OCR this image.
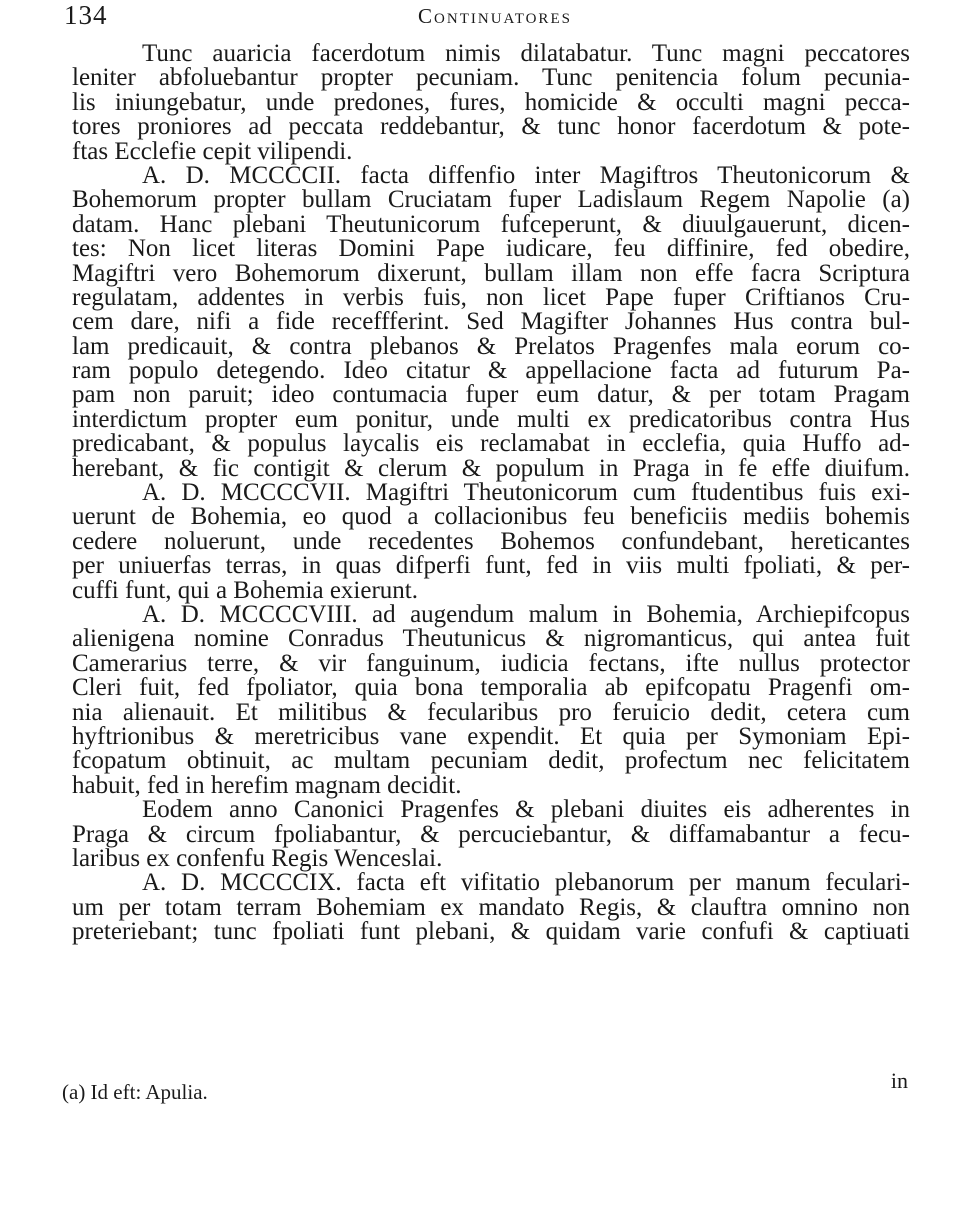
134	Continuatores
Tunc auaricia facerdotum nimis dilatabatur. Tunc magni peccatores
leniter abfoluebantur propter pecuniam. Tunc penitencia folum pecunia-
lis iniungebatur, unde predones, fures, homicide & occulti magni pecca-
tores proniores ad peccata reddebantur, & tunc honor facerdotum & pote-
ftas Ecclefie cepit vilipendi.
A. D. MCCCCII. facta diffenfio inter Magiftros Theutonicorum &
Bohemorum propter bullam Cruciatam fuper Ladislaum Regem Napolie (a)
datam. Hanc plebani Theutunicorum fufceperunt, & diuulgauerunt, dicen-
tes: Non licet literas Domini Pape iudicare, feu diffinire, fed obedire,
Magiftri vero Bohemorum dixerunt, bullam illam non effe facra Scriptura
regulatam, addentes in verbis fuis, non licet Pape fuper Criftianos Cru-
cem dare, nifi a fide receffferint. Sed Magifter Johannes Hus contra bul-
lam predicauit, & contra plebanos & Prelatos Pragenfes mala eorum co-
ram populo detegendo. Ideo citatur & appellacione facta ad futurum Pa-
pam non paruit; ideo contumacia fuper eum datur, & per totam Pragam
interdictum propter eum ponitur, unde multi ex predicatoribus contra Hus
predicabant, & populus laycalis eis reclamabat in ecclefia, quia Huffo ad-
herebant, & fic contigit & clerum & populum in Praga in fe effe diuifum.
A. D. MCCCCVII. Magiftri Theutonicorum cum ftudentibus fuis exi-
uerunt de Bohemia, eo quod a collacionibus feu beneficiis mediis bohemis
cedere noluerunt, unde recedentes Bohemos confundebant, hereticantes
per uniuerfas terras, in quas difperfi funt, fed in viis multi fpoliati, & per-
cuffi funt, qui a Bohemia exierunt.
A. D. MCCCCVIII. ad augendum malum in Bohemia, Archiepifcopus
alienigena nomine Conradus Theutunicus & nigromanticus, qui antea fuit
Camerarius terre, & vir fanguinum, iudicia fectans, ifte nullus protector
Cleri fuit, fed fpoliator, quia bona temporalia ab epifcopatu Pragenfi om-
nia alienauit. Et militibus & fecularibus pro feruicio dedit, cetera cum
hyftrionibus & meretricibus vane expendit. Et quia per Symoniam Epi-
fcopatum obtinuit, ac multam pecuniam dedit, profectum nec felicitatem
habuit, fed in herefim magnam decidit.
Eodem anno Canonici Pragenfes & plebani diuites eis adherentes in
Praga & circum fpoliabantur, & percuciebantur, & diffamabantur a fecu-
laribus ex confenfu Regis Wenceslai.
A. D. MCCCCIX. facta eft vifitatio plebanorum per manum feculari-
um per totam terram Bohemiam ex mandato Regis, & clauftra omnino non
preteriebant; tunc fpoliati funt plebani, & quidam varie confufi & captiuati
in
(a) Id eft: Apulia.
